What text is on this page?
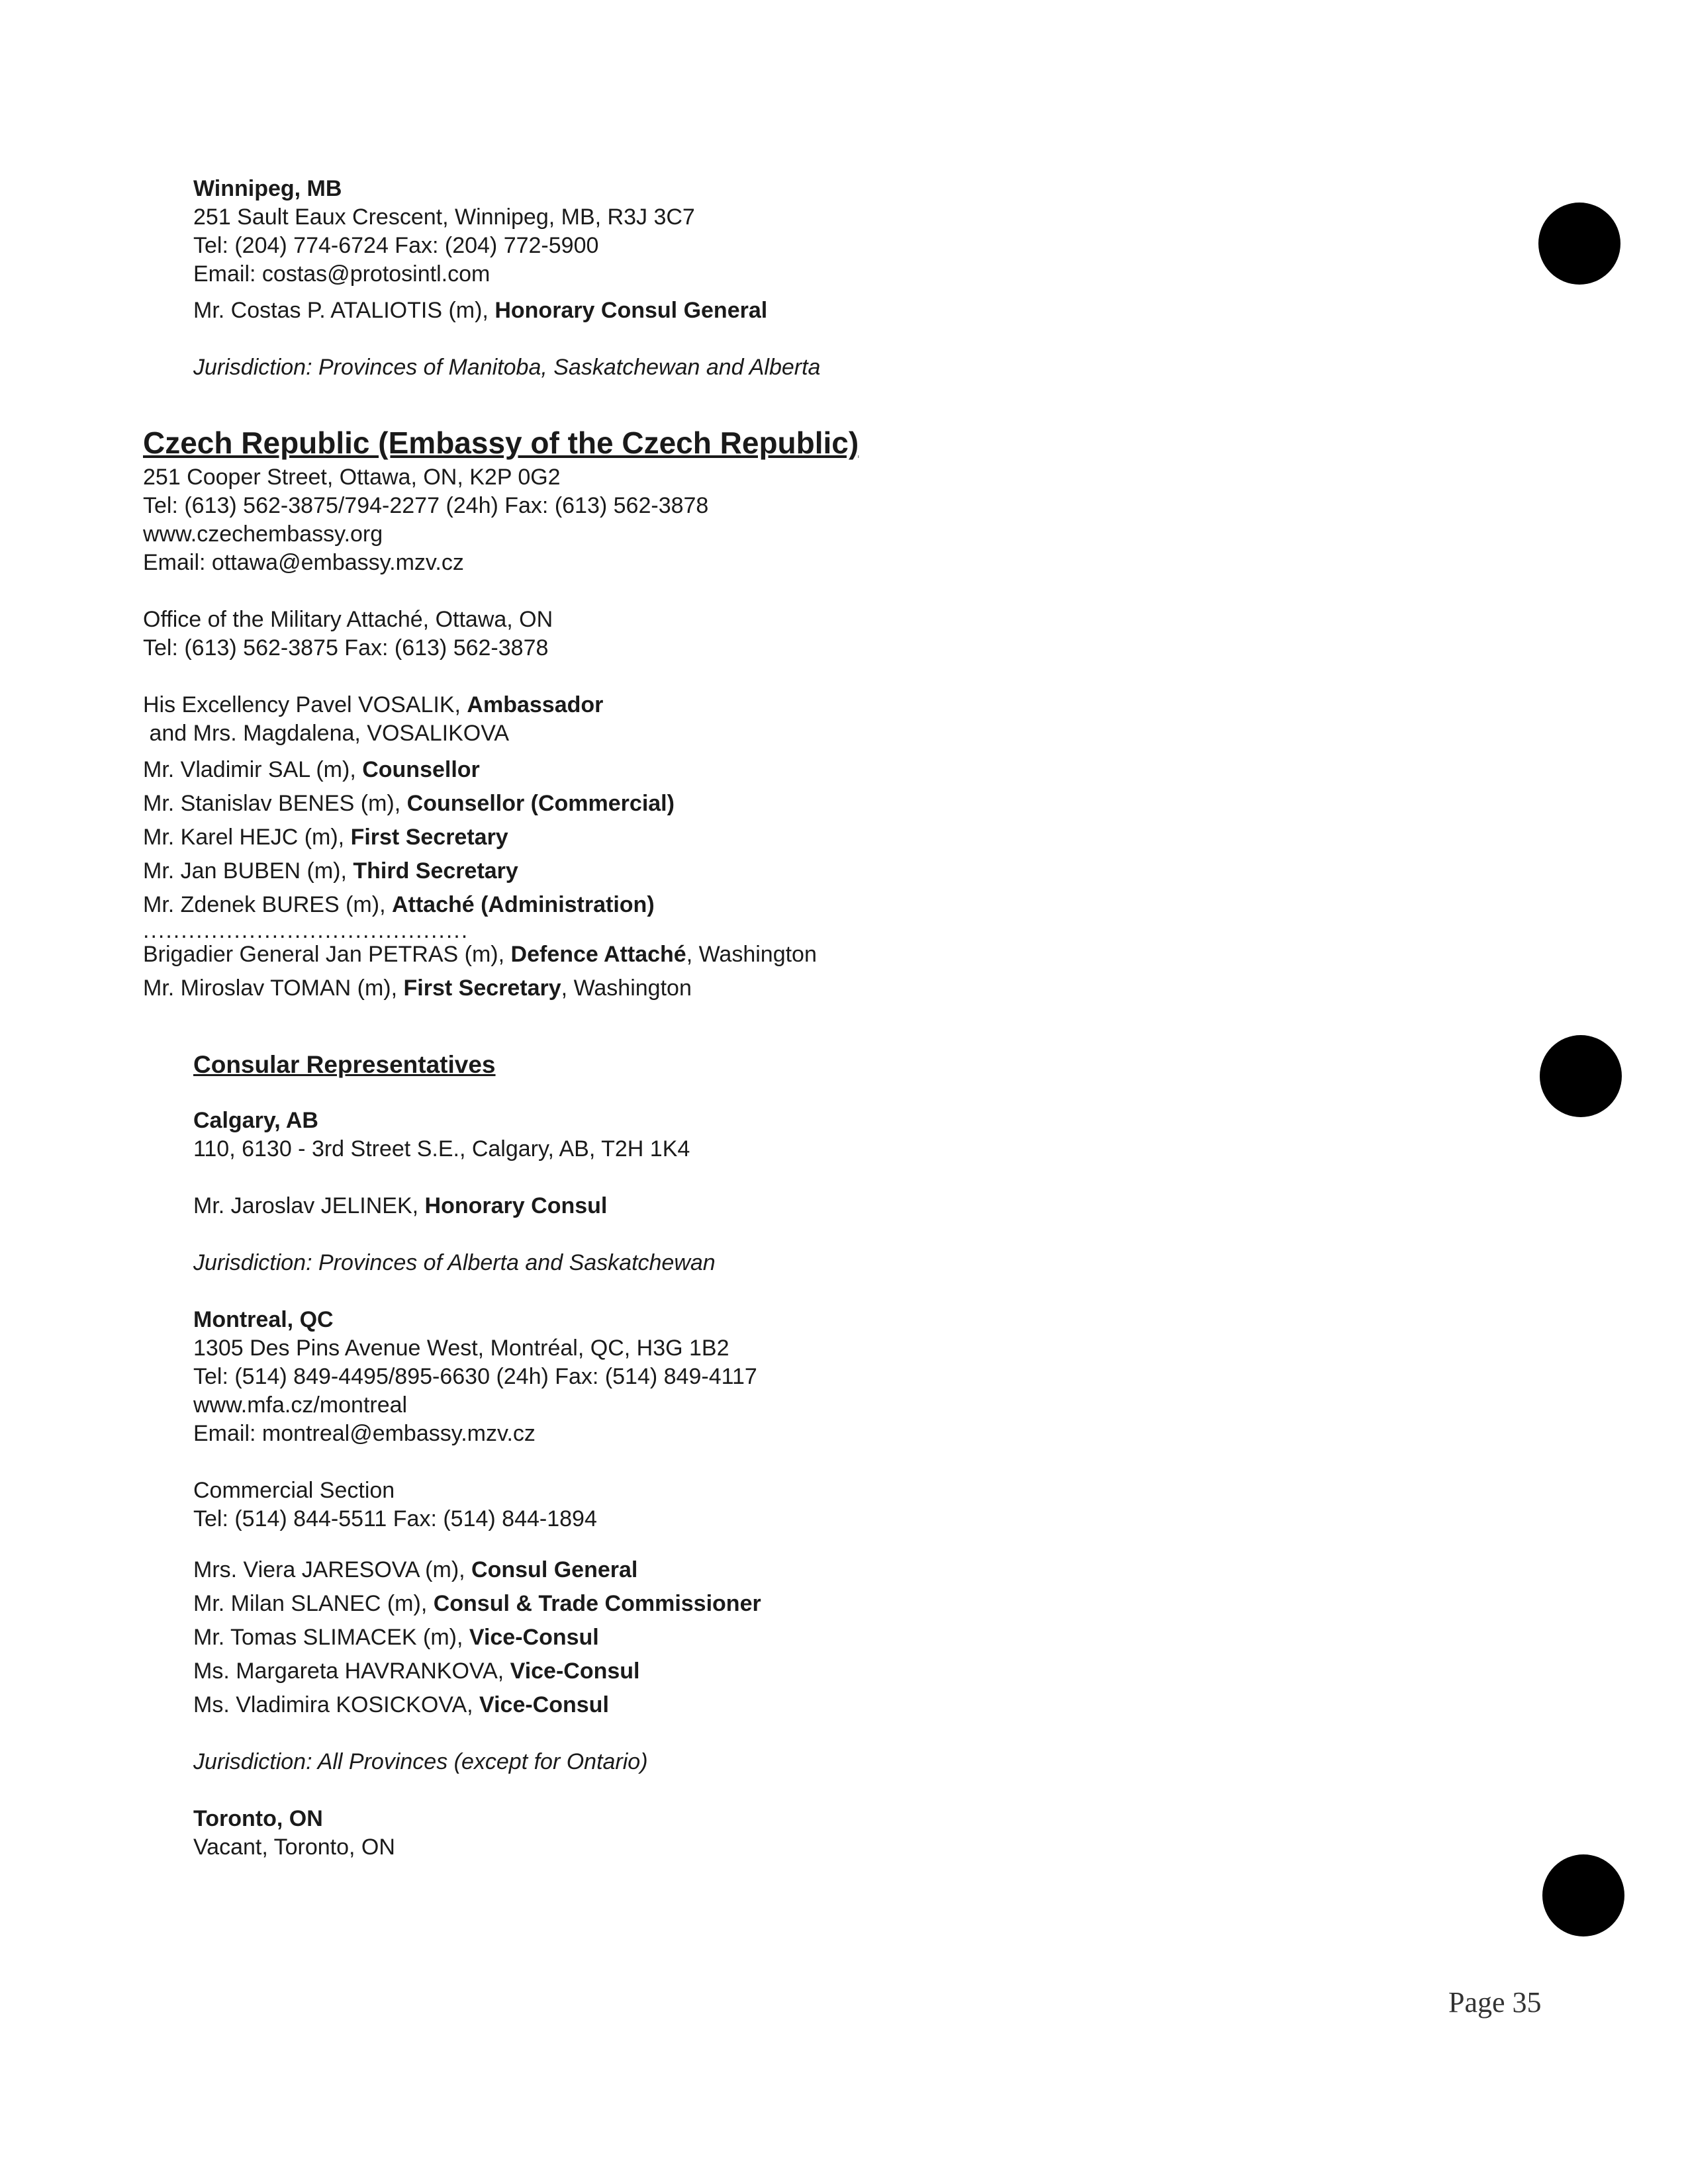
Winnipeg, MB
251 Sault Eaux Crescent, Winnipeg, MB, R3J 3C7
Tel: (204) 774-6724 Fax: (204) 772-5900
Email: costas@protosintl.com
Mr. Costas P. ATALIOTIS (m), Honorary Consul General
Jurisdiction: Provinces of Manitoba, Saskatchewan and Alberta
Czech Republic (Embassy of the Czech Republic)
251 Cooper Street, Ottawa, ON, K2P 0G2
Tel: (613) 562-3875/794-2277 (24h) Fax: (613) 562-3878
www.czechembassy.org
Email: ottawa@embassy.mzv.cz
Office of the Military Attaché, Ottawa, ON
Tel: (613) 562-3875 Fax: (613) 562-3878
His Excellency Pavel VOSALIK, Ambassador
and Mrs. Magdalena, VOSALIKOVA
Mr. Vladimir SAL (m), Counsellor
Mr. Stanislav BENES (m), Counsellor (Commercial)
Mr. Karel HEJC (m), First Secretary
Mr. Jan BUBEN (m), Third Secretary
Mr. Zdenek BURES (m), Attaché (Administration)
...........................................
Brigadier General Jan PETRAS (m), Defence Attaché, Washington
Mr. Miroslav TOMAN (m), First Secretary, Washington
Consular Representatives
Calgary, AB
110, 6130 - 3rd Street S.E., Calgary, AB, T2H 1K4
Mr. Jaroslav JELINEK, Honorary Consul
Jurisdiction: Provinces of Alberta and Saskatchewan
Montreal, QC
1305 Des Pins Avenue West, Montréal, QC, H3G 1B2
Tel: (514) 849-4495/895-6630 (24h) Fax: (514) 849-4117
www.mfa.cz/montreal
Email: montreal@embassy.mzv.cz
Commercial Section
Tel: (514) 844-5511 Fax: (514) 844-1894
Mrs. Viera JARESOVA (m), Consul General
Mr. Milan SLANEC (m), Consul & Trade Commissioner
Mr. Tomas SLIMACEK (m), Vice-Consul
Ms. Margareta HAVRANKOVA, Vice-Consul
Ms. Vladimira KOSICKOVA, Vice-Consul
Jurisdiction: All Provinces (except for Ontario)
Toronto, ON
Vacant, Toronto, ON
Page 35
